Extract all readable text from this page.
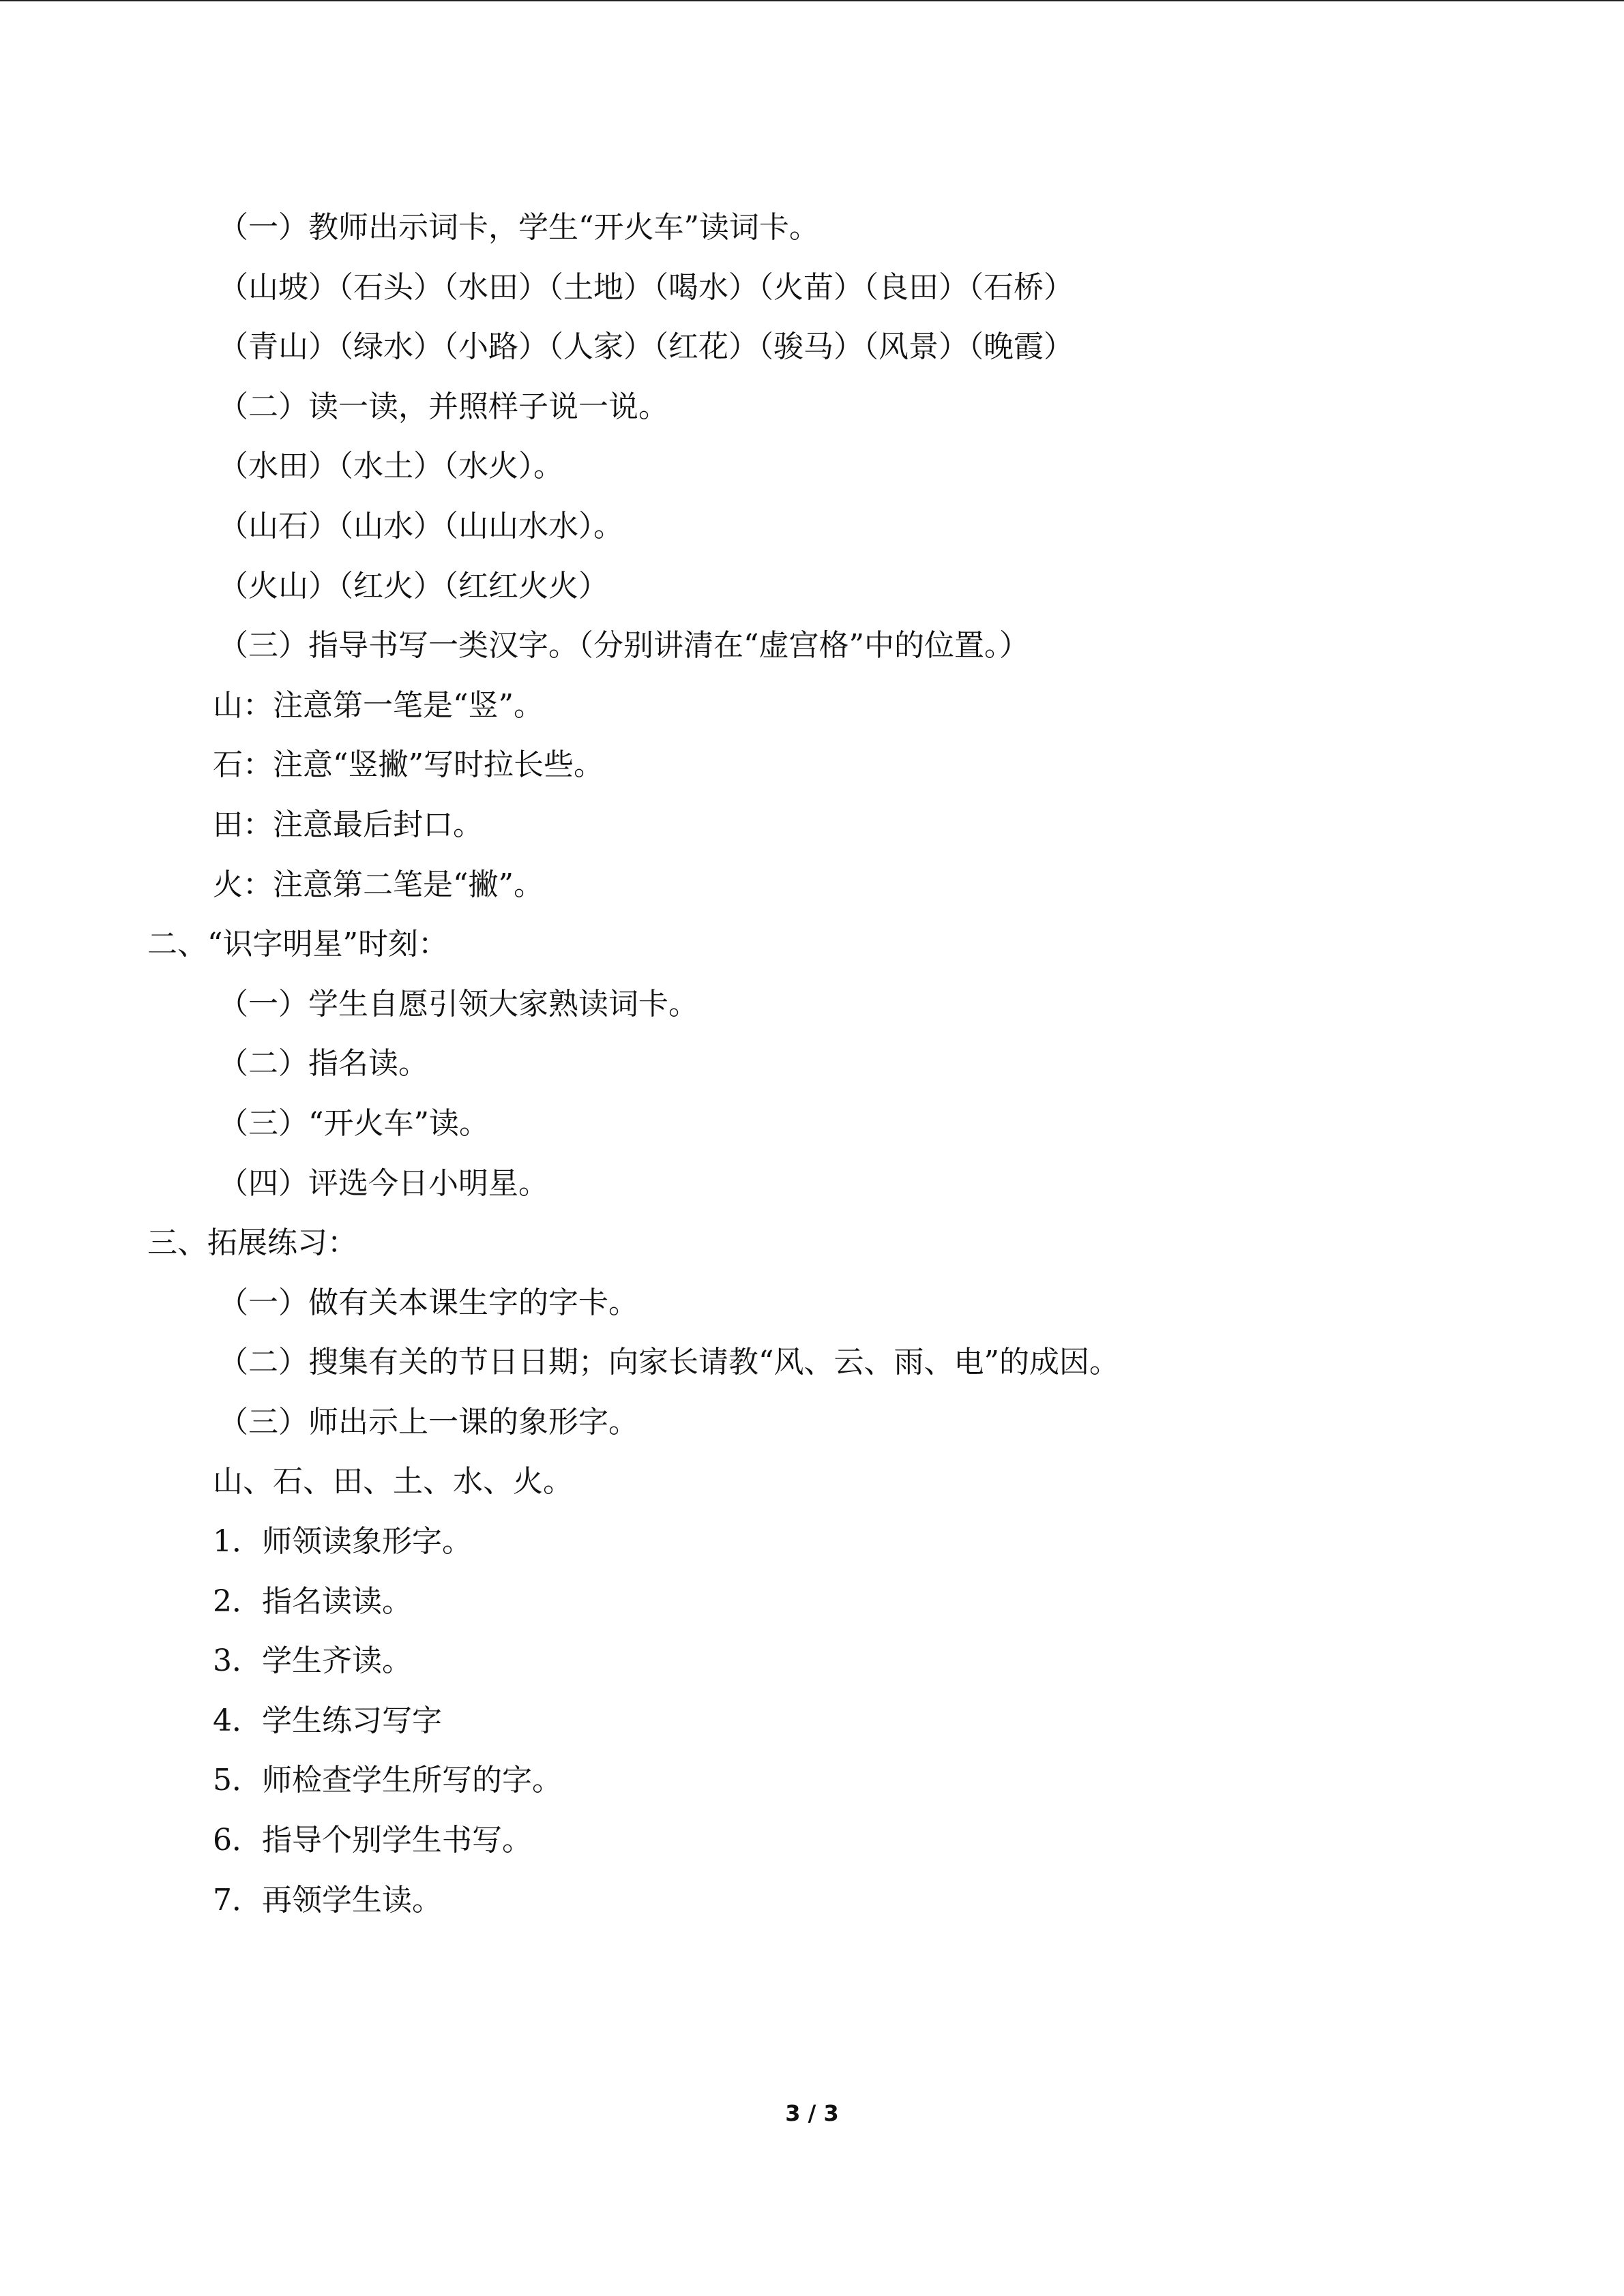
（一）教师出示词卡，学生“开火车”读词卡。
（山坡）（石头）（水田）（土地）（喝水）（火苗）（良田）（石桥）
（青山）（绿水）（小路）（人家）（红花）（骏马）（风景）（晚霞）
（二）读一读，并照样子说一说。
（水田）（水土）（水火）。
（山石）（山水）（山山水水）。
（火山）（红火）（红红火火）
（三）指导书写一类汉字。（分别讲清在“虚宫格”中的位置。）
山：注意第一笔是“竖”。
石：注意“竖撇”写时拉长些。
田：注意最后封口。
火：注意第二笔是“撇”。
二、“识字明星”时刻：
（一）学生自愿引领大家熟读词卡。
（二）指名读。
（三）“开火车”读。
（四）评选今日小明星。
三、拓展练习：
（一）做有关本课生字的字卡。
（二）搜集有关的节日日期；向家长请教“风、云、雨、电”的成因。
（三）师出示上一课的象形字。
山、石、田、土、水、火。
1．师领读象形字。
2．指名读读。
3．学生齐读。
4．学生练习写字
5．师检查学生所写的字。
6．指导个别学生书写。
7．再领学生读。
3 / 3
